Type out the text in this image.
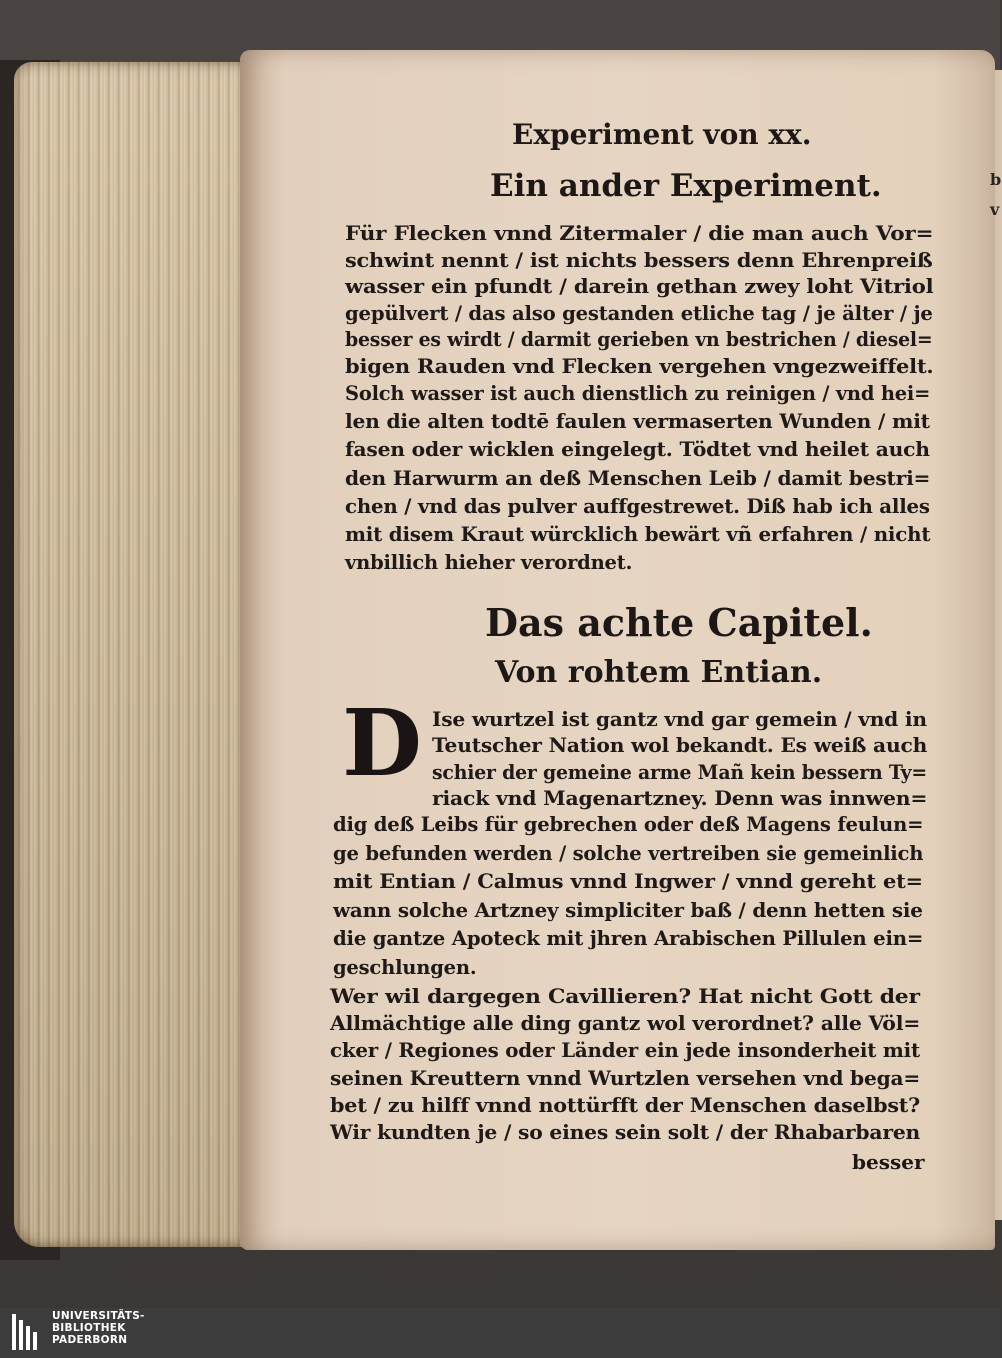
b
v
Experiment von xx.
Ein ander Experiment.
Für Flecken vnnd Zitermaler / die man auch Vor=
schwint nennt / ist nichts bessers denn Ehrenpreiß
wasser ein pfundt / darein gethan zwey loht Vitriol
gepülvert / das also gestanden etliche tag / je älter / je
besser es wirdt / darmit gerieben vn bestrichen / diesel=
bigen Rauden vnd Flecken vergehen vngezweiffelt.
Solch wasser ist auch dienstlich zu reinigen / vnd hei=
len die alten todtē faulen vermaserten Wunden / mit
fasen oder wicklen eingelegt. Tödtet vnd heilet auch
den Harwurm an deß Menschen Leib / damit bestri=
chen / vnd das pulver auffgestrewet. Diß hab ich alles
mit disem Kraut würcklich bewärt vñ erfahren / nicht
vnbillich hieher verordnet.
Das achte Capitel.
Von rohtem Entian.
D Ise wurtzel ist gantz vnd gar gemein / vnd in
Teutscher Nation wol bekandt. Es weiß auch
schier der gemeine arme Mañ kein bessern Ty=
riack vnd Magenartzney. Denn was innwen=
dig deß Leibs für gebrechen oder deß Magens feulun=
ge befunden werden / solche vertreiben sie gemeinlich
mit Entian / Calmus vnnd Ingwer / vnnd gereht et=
wann solche Artzney simpliciter baß / denn hetten sie
die gantze Apoteck mit jhren Arabischen Pillulen ein=
geschlungen.
Wer wil dargegen Cavillieren? Hat nicht Gott der
Allmächtige alle ding gantz wol verordnet? alle Völ=
cker / Regiones oder Länder ein jede insonderheit mit
seinen Kreuttern vnnd Wurtzlen versehen vnd bega=
bet / zu hilff vnnd nottürfft der Menschen daselbst?
Wir kundten je / so eines sein solt / der Rhabarbaren
besser
UNIVERSITÄTS-
BIBLIOTHEK
PADERBORN
